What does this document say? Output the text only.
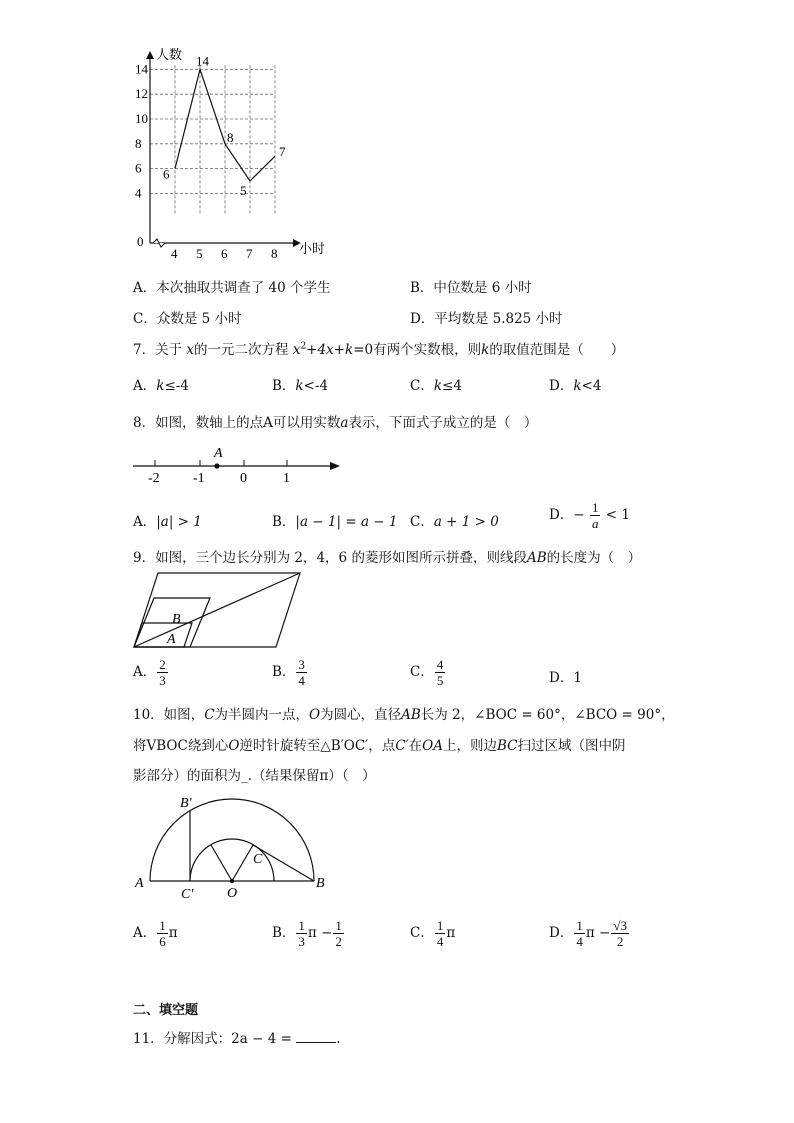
4 5 6 7 8
4
6
8
10
12
14
0
人数
小时
6
14
8
5
7
A．本次抽取共调查了 40 个学生	B．中位数是 6 小时
C．众数是 5 小时	D．平均数是 5.825 小时
7．关于 x的一元二次方程 $x^2+4x+k=0$有两个实数根，则k的取值范围是（　　）
A．k≤-4	B．k<-4	C．k≤4	D．k<4
8．如图，数轴上的点A可以用实数a表示，下面式子成立的是（　）
A
-2 -1	0	1
A．|a| > 1	B．|a − 1| = a − 1 C．a + 1 > 0	D．− $\frac{1}{a} < 1$
9．如图，三个边长分别为 2，4，6 的菱形如图所示拼叠，则线段AB的长度为（　）
B
A
A． $\frac{2}{3}$	B． $\frac{3}{4}$	C． $\frac{4}{5}$	D．1
10．如图，C为半圆内一点，O为圆心，直径AB长为 2，∠BOC = 60°，∠BCO = 90°，
将VBOC绕到心O逆时针旋转至△B′OC′，点C′在OA上，则边BC扫过区域（图中阴
影部分）的面积为_.（结果保留π）（　）
A	B
C
O
B′
C′
A． $\frac{1}{6}$ π	B． $\frac{1}{3}$ $\pi - \frac{1}{2}$	C． $\frac{1}{4}$ π	D． $\frac{1}{4}$ $\pi - \frac{√3}{2}$
二、填空题
11．分解因式：2a − 4 =	.
